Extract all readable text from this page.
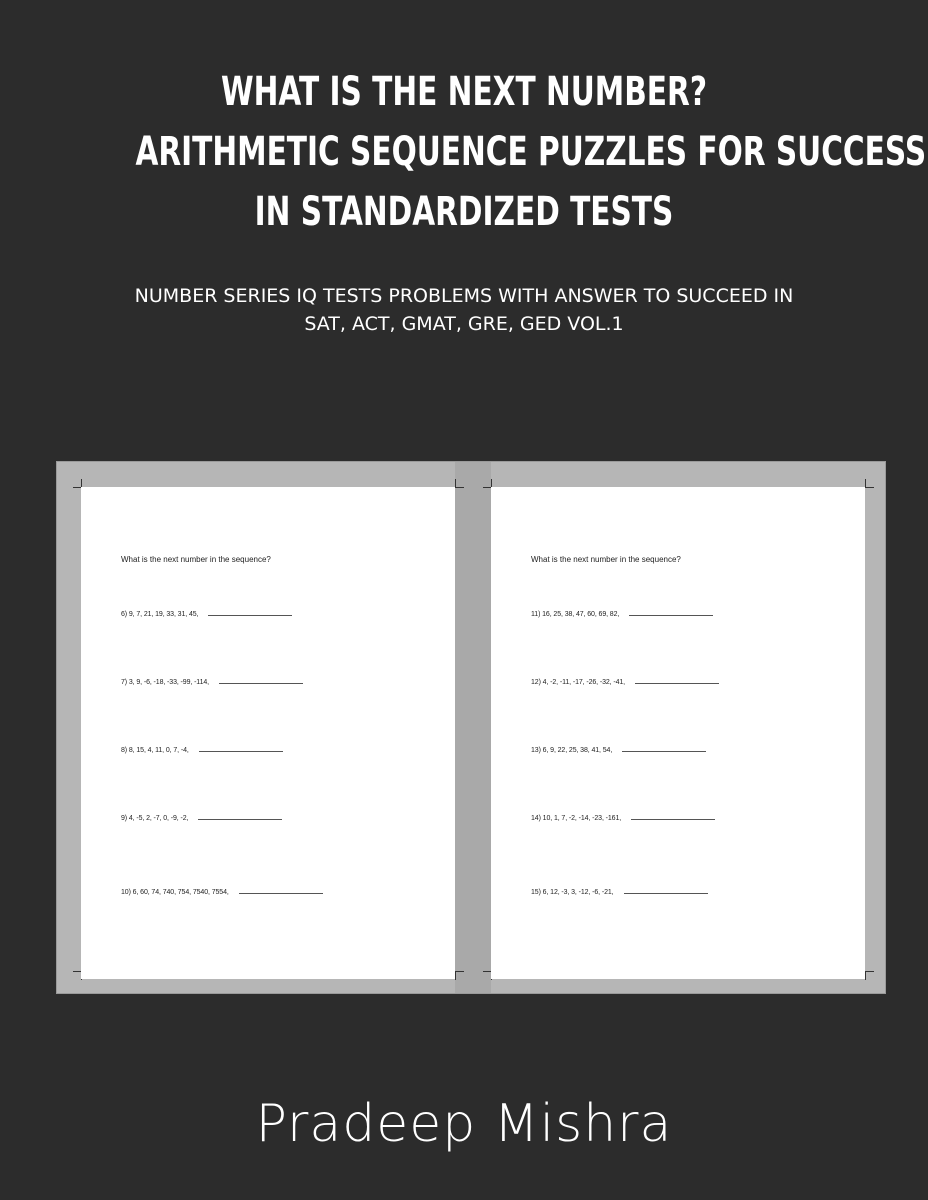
WHAT IS THE NEXT NUMBER?
ARITHMETIC SEQUENCE PUZZLES FOR SUCCESS
IN STANDARDIZED TESTS
NUMBER SERIES IQ TESTS PROBLEMS WITH ANSWER TO SUCCEED IN
SAT, ACT, GMAT, GRE, GED VOL.1
What is the next number in the sequence?
6) 9, 7, 21, 19, 33, 31, 45,
7) 3, 9, -6, -18, -33, -99, -114,
8) 8, 15, 4, 11, 0, 7, -4,
9) 4, -5, 2, -7, 0, -9, -2,
10) 6, 60, 74, 740, 754, 7540, 7554,
What is the next number in the sequence?
11) 16, 25, 38, 47, 60, 69, 82,
12) 4, -2, -11, -17, -26, -32, -41,
13) 6, 9, 22, 25, 38, 41, 54,
14) 10, 1, 7, -2, -14, -23, -161,
15) 6, 12, -3, 3, -12, -6, -21,
Pradeep Mishra
